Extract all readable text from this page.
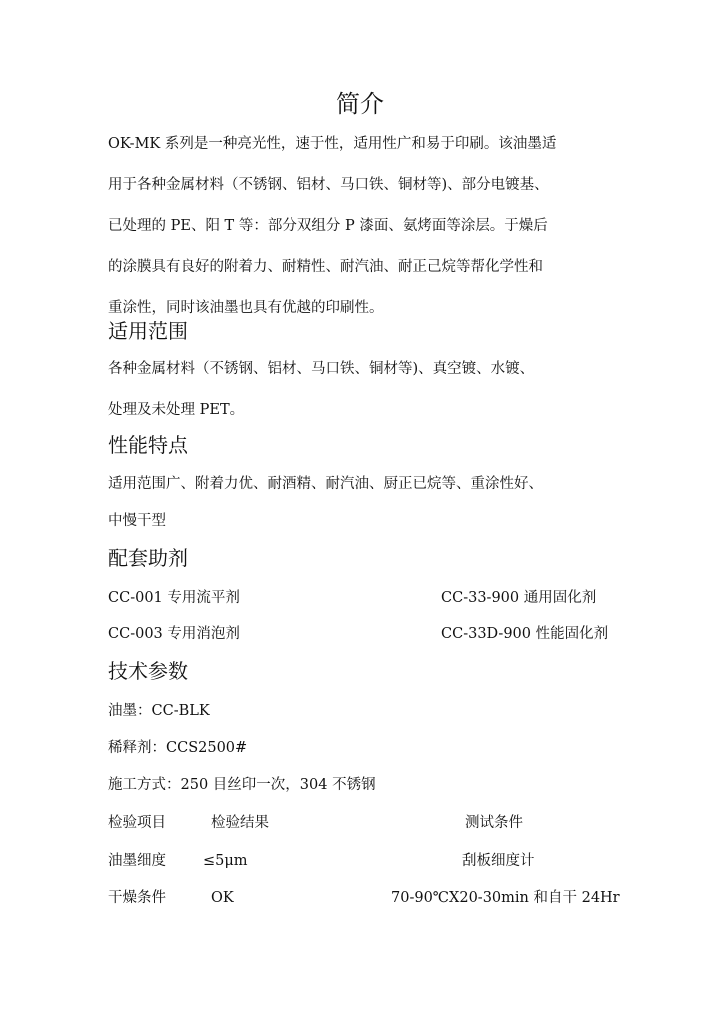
简介

OK-MK 系列是一种亮光性，速于性，适用性广和易于印刷。该油墨适

用于各种金属材料（不锈钢、铝材、马口铁、铜材等)、部分电镀基、

已处理的 PE、阳 T 等：部分双组分 P 漆面、氨烤面等涂层。于燥后

的涂膜具有良好的附着力、耐精性、耐汽油、耐正己烷等帮化学性和

重涂性，同时该油墨也具有优越的印刷性。

适用范围

各种金属材料（不锈钢、铝材、马口铁、铜材等)、真空镀、水镀、

处理及未处理 PET。

性能特点

适用范围广、附着力优、耐酒精、耐汽油、厨正已烷等、重涂性好、

中慢干型

配套助剂
CC-001 专用流平剂	CC-33-900 通用固化剂
CC-003 专用消泡剂	CC-33D-900 性能固化剂
技术参数

油墨：CC-BLK

稀释剂：CCS2500#

施工方式：250 目丝印一次，304 不锈钢

检验项目	检验结果	测试条件
油墨细度	≤5μm	刮板细度计
干燥条件	OK	70-90℃X20-30min 和自干 24Hr
